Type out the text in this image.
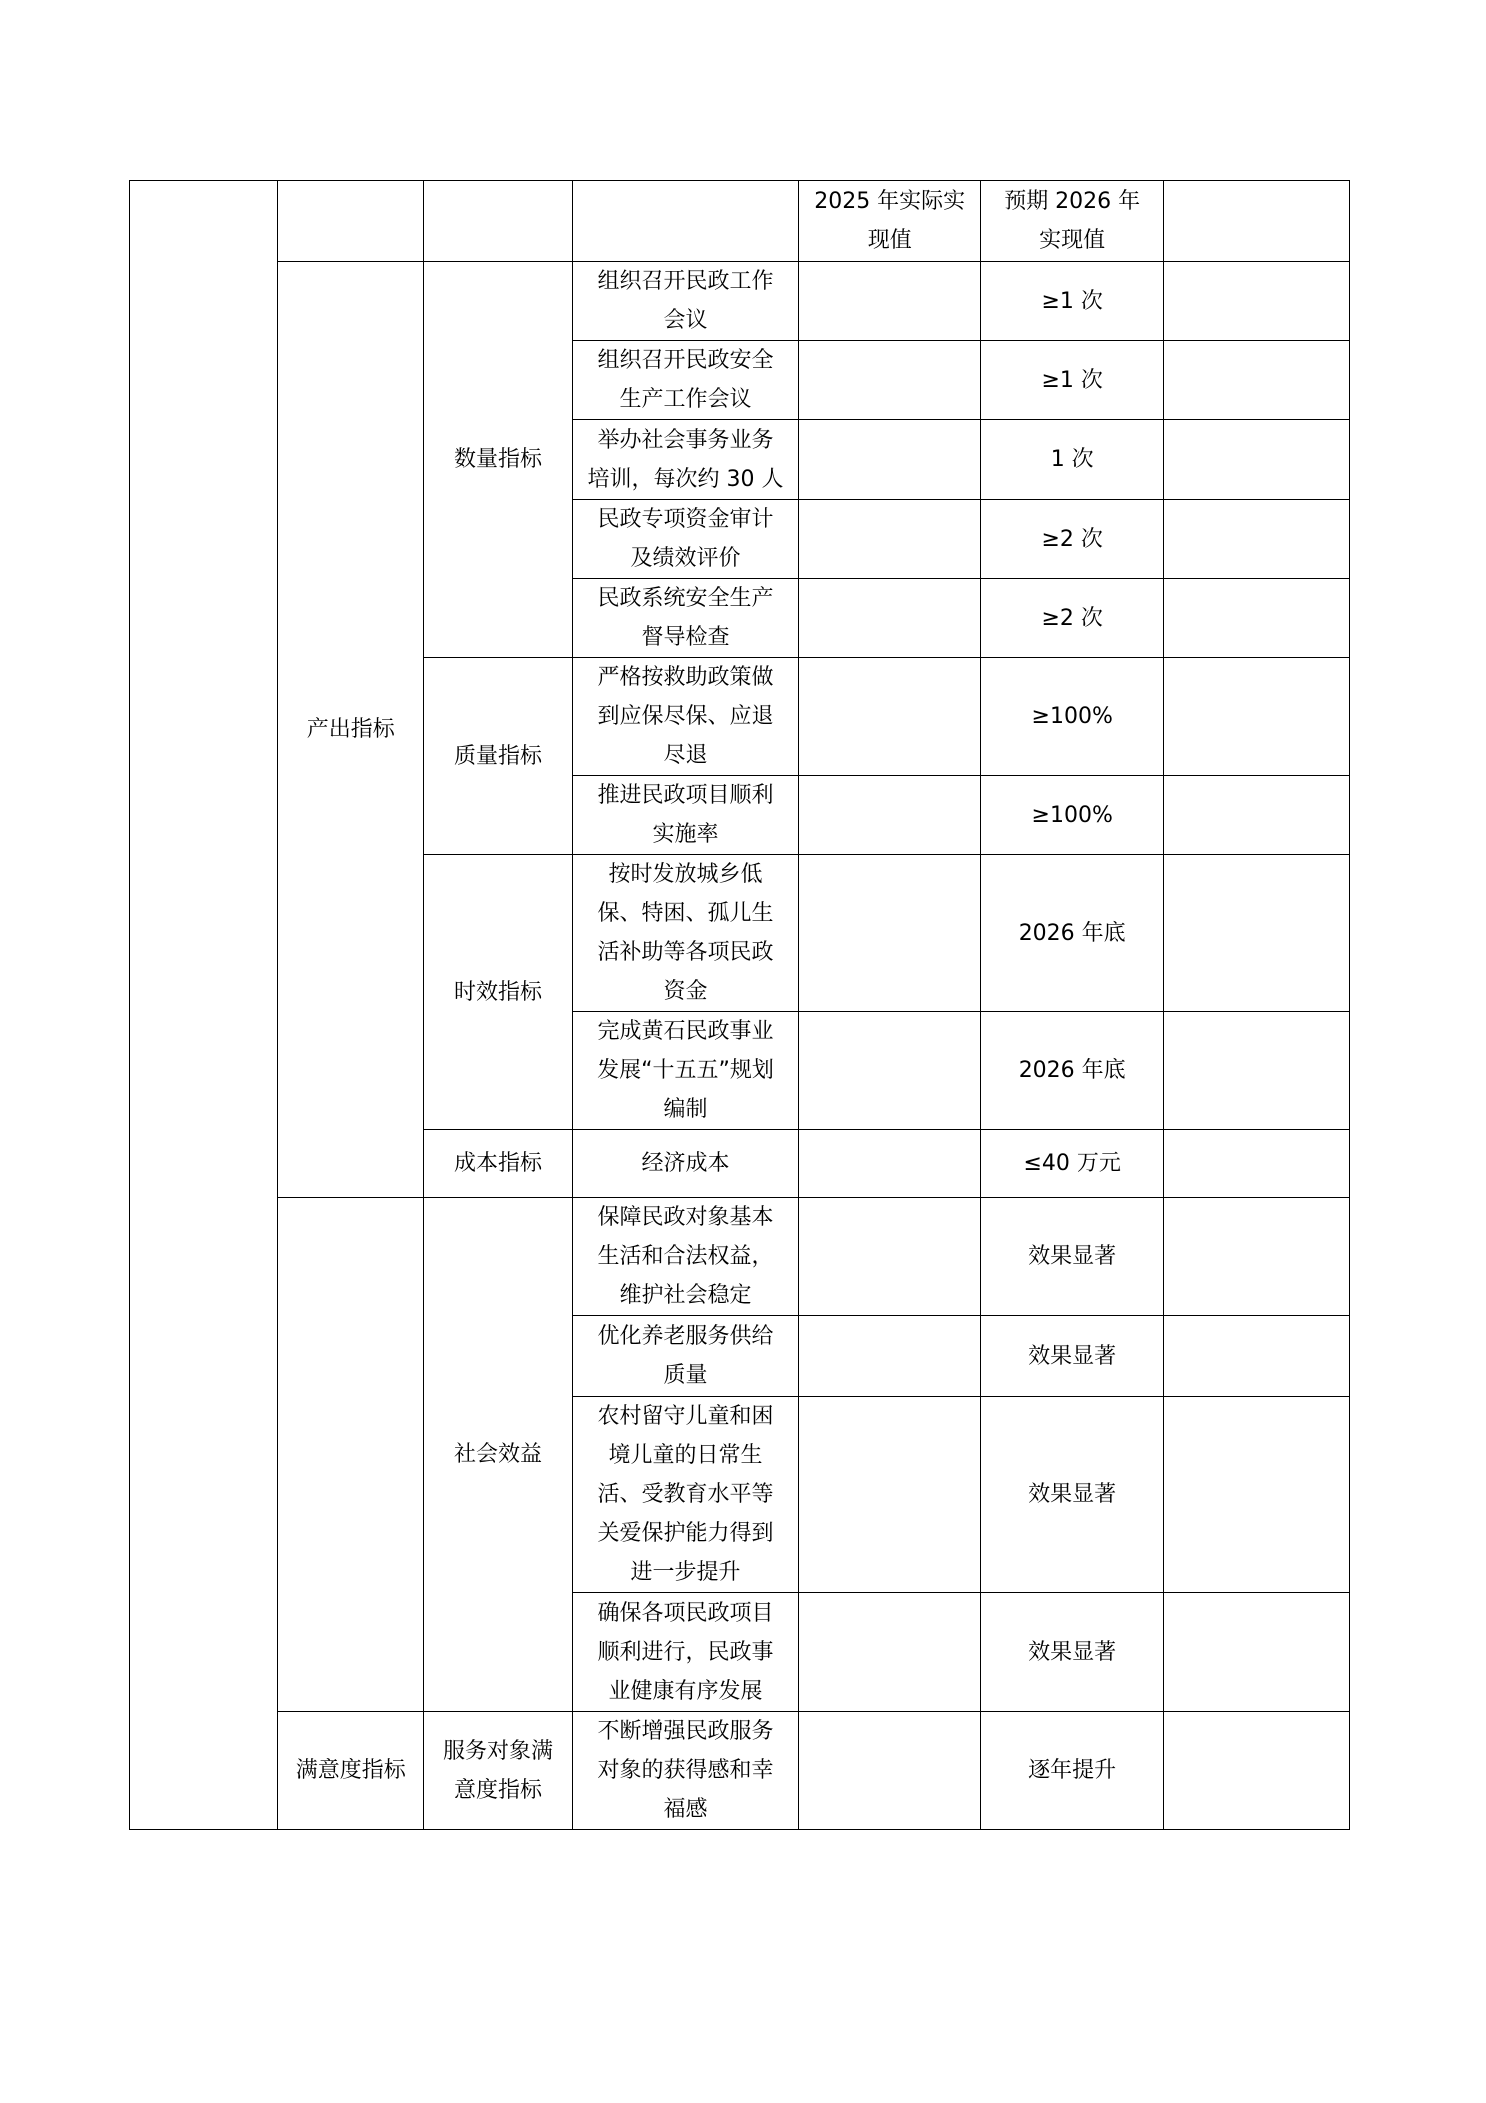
				2025 年实际实现值	预期 2026 年实现值	
	产出指标	数量指标	组织召开民政工作会议		≥1 次	
			组织召开民政安全生产工作会议		≥1 次	
			举办社会事务业务培训，每次约 30 人		1 次	
			民政专项资金审计及绩效评价		≥2 次	
			民政系统安全生产督导检查		≥2 次	
		质量指标	严格按救助政策做到应保尽保、应退尽退		≥100%	
			推进民政项目顺利实施率		≥100%	
		时效指标	按时发放城乡低保、特困、孤儿生活补助等各项民政资金		2026 年底	
			完成黄石民政事业发展“十五五”规划编制		2026 年底	
		成本指标	经济成本		≤40 万元	
		社会效益	保障民政对象基本生活和合法权益，维护社会稳定		效果显著	
			优化养老服务供给质量		效果显著	
			农村留守儿童和困境儿童的日常生活、受教育水平等关爱保护能力得到进一步提升		效果显著	
			确保各项民政项目顺利进行，民政事业健康有序发展		效果显著	
	满意度指标	服务对象满意度指标	不断增强民政服务对象的获得感和幸福感		逐年提升	
